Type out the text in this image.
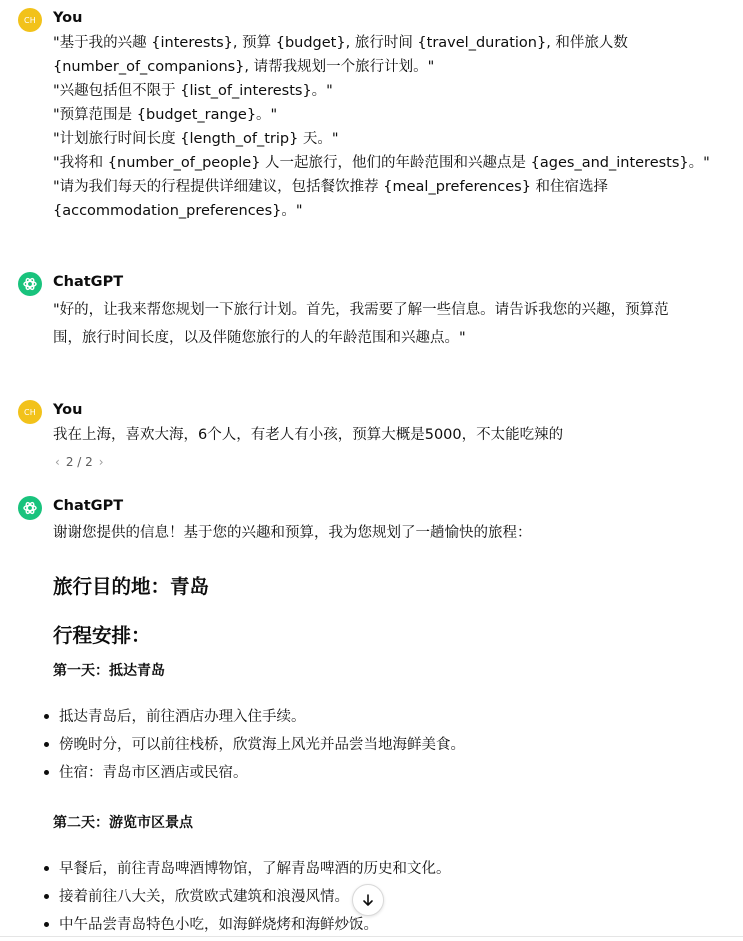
CH You
"基于我的兴趣 {interests}, 预算 {budget}, 旅行时间 {travel_duration}, 和伴旅人数
{number_of_companions}, 请帮我规划一个旅行计划。"
"兴趣包括但不限于 {list_of_interests}。"
"预算范围是 {budget_range}。"
"计划旅行时间长度 {length_of_trip} 天。"
"我将和 {number_of_people} 人一起旅行，他们的年龄范围和兴趣点是 {ages_and_interests}。"
"请为我们每天的行程提供详细建议，包括餐饮推荐 {meal_preferences} 和住宿选择
{accommodation_preferences}。"
ChatGPT
"好的，让我来帮您规划一下旅行计划。首先，我需要了解一些信息。请告诉我您的兴趣，预算范
围，旅行时间长度，以及伴随您旅行的人的年龄范围和兴趣点。"
CH You
我在上海，喜欢大海，6个人，有老人有小孩，预算大概是5000，不太能吃辣的
‹ 2 / 2 ›
ChatGPT
谢谢您提供的信息！基于您的兴趣和预算，我为您规划了一趟愉快的旅程：
旅行目的地：青岛
行程安排：
第一天：抵达青岛
抵达青岛后，前往酒店办理入住手续。
傍晚时分，可以前往栈桥，欣赏海上风光并品尝当地海鲜美食。
住宿：青岛市区酒店或民宿。
第二天：游览市区景点
早餐后，前往青岛啤酒博物馆，了解青岛啤酒的历史和文化。
接着前往八大关，欣赏欧式建筑和浪漫风情。
中午品尝青岛特色小吃，如海鲜烧烤和海鲜炒饭。
